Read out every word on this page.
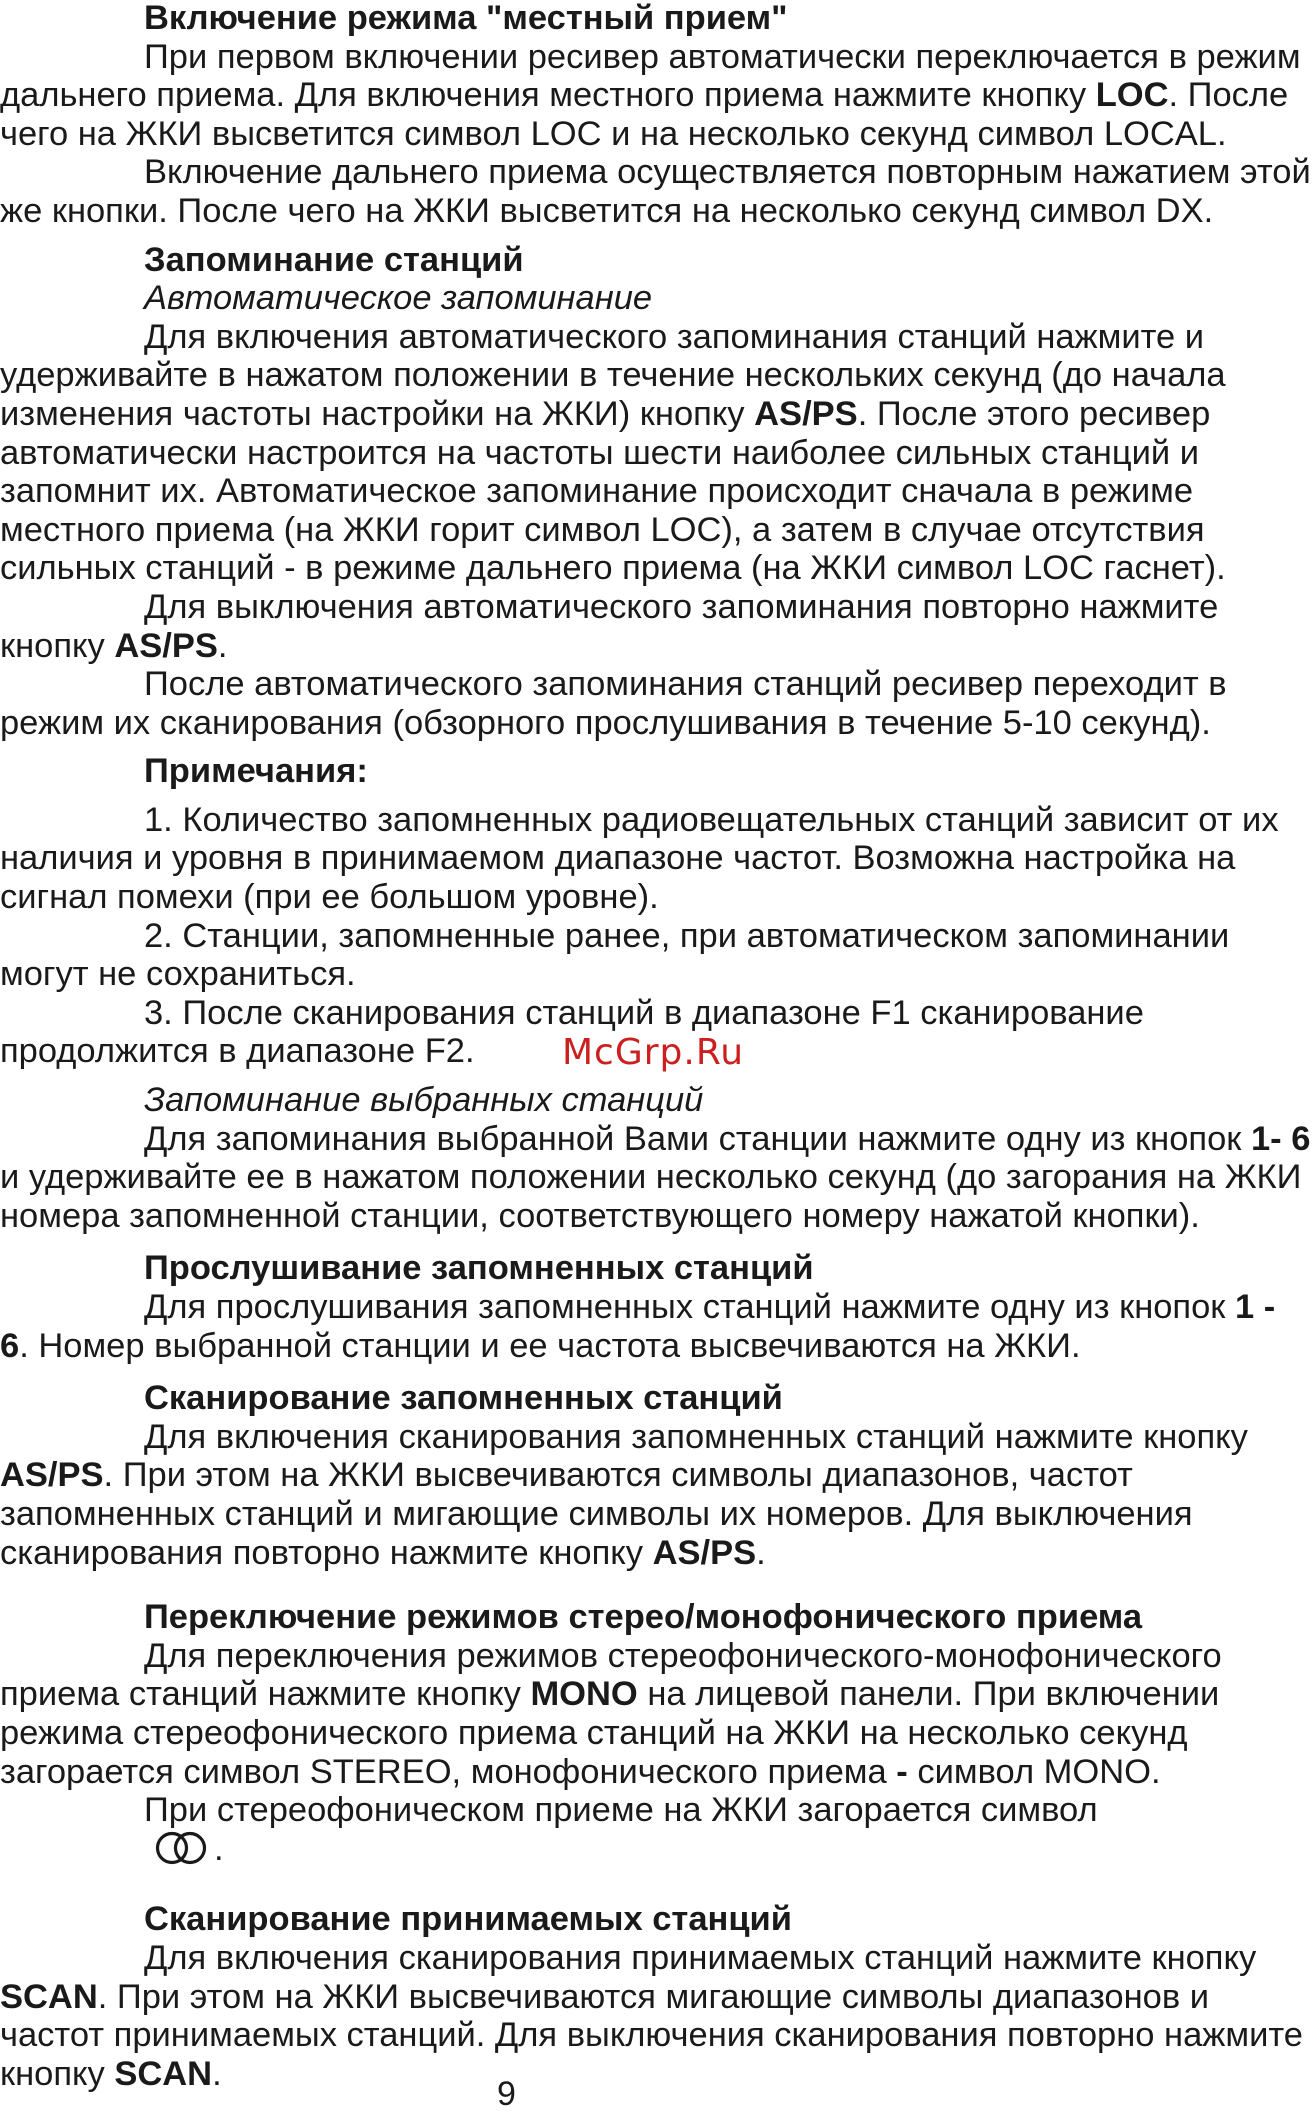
Включение режима "местный прием"

При первом включении ресивер автоматически переключается в режим дальнего приема. Для включения местного приема нажмите кнопку LOC. После чего на ЖКИ высветится символ LOC и на несколько секунд символ LOCAL.

Включение дальнего приема осуществляется повторным нажатием этой же кнопки. После чего на ЖКИ высветится на несколько секунд символ DX.

Запоминание станций

Автоматическое запоминание

Для включения автоматического запоминания станций нажмите и удерживайте в нажатом положении в течение нескольких секунд (до начала изменения частоты настройки на ЖКИ) кнопку AS/PS. После этого ресивер автоматически настроится на частоты шести наиболее сильных станций и запомнит их. Автоматическое запоминание происходит сначала в режиме местного приема (на ЖКИ горит символ LOC), а затем в случае отсутствия сильных станций - в режиме дальнего приема (на ЖКИ символ LOC гаснет).

Для выключения автоматического запоминания повторно нажмите кнопку AS/PS.

После автоматического запоминания станций ресивер переходит в режим их сканирования (обзорного прослушивания в течение 5-10 секунд).

Примечания:

1. Количество запомненных радиовещательных станций зависит от их наличия и уровня в принимаемом диапазоне частот. Возможна настройка на сигнал помехи (при ее большом уровне).

2. Станции, запомненные ранее, при автоматическом запоминании могут не сохраниться.

3. После сканирования станций в диапазоне F1 сканирование продолжится в диапазоне F2.

Запоминание выбранных станций

Для запоминания выбранной Вами станции нажмите одну из кнопок 1- 6 и удерживайте ее в нажатом положении несколько секунд (до загорания на ЖКИ номера запомненной станции, соответствующего номеру нажатой кнопки).

Прослушивание запомненных станций

Для прослушивания запомненных станций нажмите одну из кнопок 1 - 6. Номер выбранной станции и ее частота высвечиваются на ЖКИ.

Сканирование запомненных станций

Для включения сканирования запомненных станций нажмите кнопку AS/PS. При этом на ЖКИ высвечиваются символы диапазонов, частот запомненных станций и мигающие символы их номеров. Для выключения сканирования повторно нажмите кнопку AS/PS.

Переключение режимов стерео/монофонического приема

Для переключения режимов стереофонического-монофонического приема станций нажмите кнопку MONO на лицевой панели. При включении режима стереофонического приема станций на ЖКИ на несколько секунд загорается символ STEREO, монофонического приема - символ MONO.

При стереофоническом приеме на ЖКИ загорается символ .

Сканирование принимаемых станций

Для включения сканирования принимаемых станций нажмите кнопку SCAN. При этом на ЖКИ высвечиваются мигающие символы диапазонов и частот принимаемых станций. Для выключения сканирования повторно нажмите кнопку SCAN.

McGrp.Ru
9
